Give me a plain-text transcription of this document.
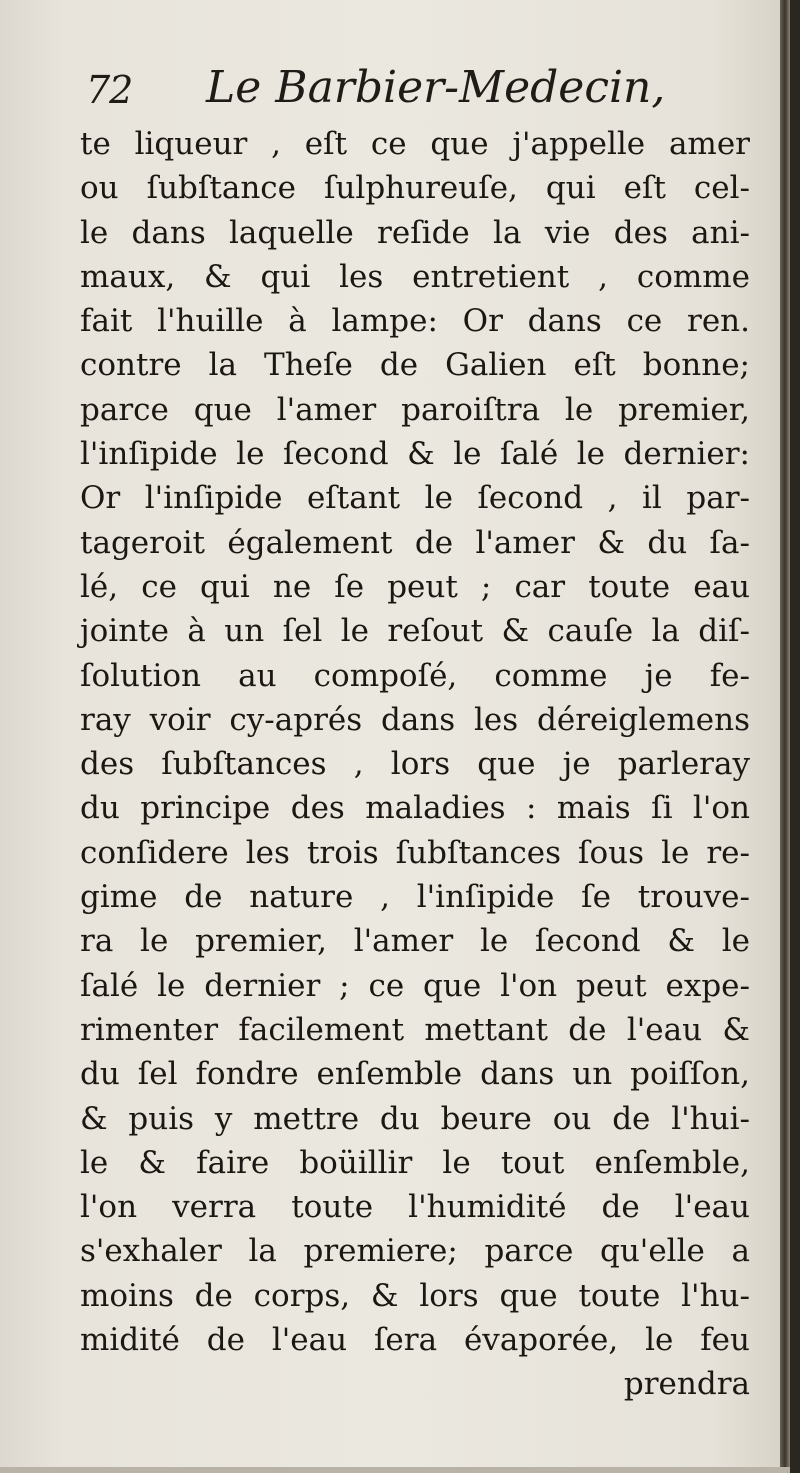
72 Le Barbier-Medecin,
te liqueur , eſt ce que j'appelle amer
ou ſubſtance ſulphureuſe, qui eſt cel-
le dans laquelle reſide la vie des ani-
maux, & qui les entretient , comme
fait l'huille à lampe: Or dans ce ren.
contre la Theſe de Galien eſt bonne;
parce que l'amer paroiſtra le premier,
l'inſipide le ſecond & le ſalé le dernier:
Or l'inſipide eſtant le ſecond , il par-
tageroit également de l'amer & du ſa-
lé, ce qui ne ſe peut ; car toute eau
jointe à un ſel le reſout & cauſe la diſ-
ſolution au compoſé, comme je fe-
ray voir cy-aprés dans les déreiglemens
des ſubſtances , lors que je parleray
du principe des maladies : mais ſi l'on
conſidere les trois ſubſtances ſous le re-
gime de nature , l'inſipide ſe trouve-
ra le premier, l'amer le ſecond & le
ſalé le dernier ; ce que l'on peut expe-
rimenter facilement mettant de l'eau &
du ſel fondre enſemble dans un poiſſon,
& puis y mettre du beure ou de l'hui-
le & faire boüillir le tout enſemble,
l'on verra toute l'humidité de l'eau
s'exhaler la premiere; parce qu'elle a
moins de corps, & lors que toute l'hu-
midité de l'eau ſera évaporée, le feu
prendra
